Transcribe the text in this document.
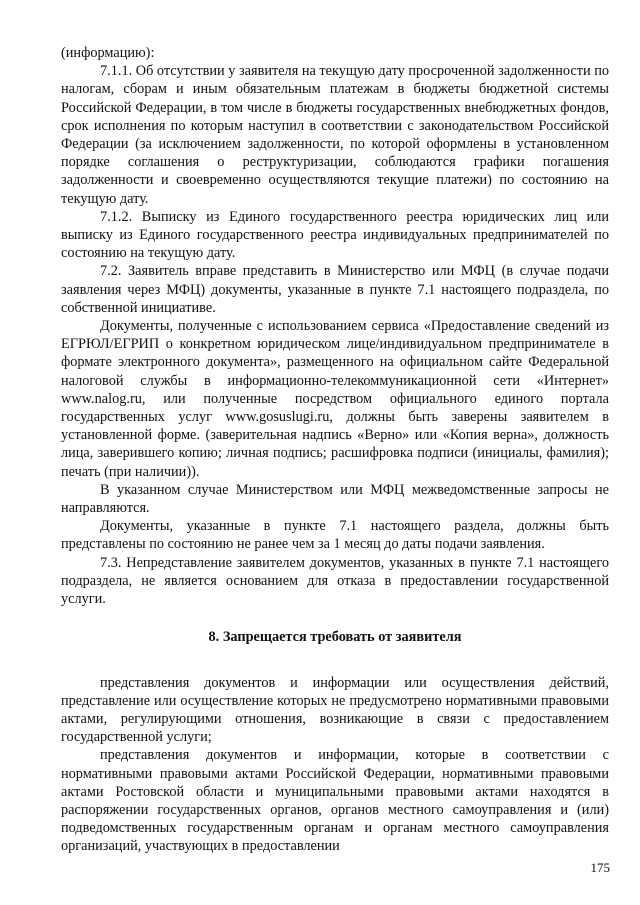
(информацию):

7.1.1. Об отсутствии у заявителя на текущую дату просроченной задолженности по налогам, сборам и иным обязательным платежам в бюджеты бюджетной системы Российской Федерации, в том числе в бюджеты государственных внебюджетных фондов, срок исполнения по которым наступил в соответствии с законодательством Российской Федерации (за исключением задолженности, по которой оформлены в установленном порядке соглашения о реструктуризации, соблюдаются графики погашения задолженности и своевременно осуществляются текущие платежи) по состоянию на текущую дату.

7.1.2. Выписку из Единого государственного реестра юридических лиц или выписку из Единого государственного реестра индивидуальных предпринимателей по состоянию на текущую дату.

7.2. Заявитель вправе представить в Министерство или МФЦ (в случае подачи заявления через МФЦ) документы, указанные в пункте 7.1 настоящего подраздела, по собственной инициативе.

Документы, полученные с использованием сервиса «Предоставление сведений из ЕГРЮЛ/ЕГРИП о конкретном юридическом лице/индивидуальном предпринимателе в формате электронного документа», размещенного на официальном сайте Федеральной налоговой службы в информационно-телекоммуникационной сети «Интернет» www.nalog.ru, или полученные посредством официального единого портала государственных услуг www.gosuslugi.ru, должны быть заверены заявителем в установленной форме. (заверительная надпись «Верно» или «Копия верна», должность лица, заверившего копию; личная подпись; расшифровка подписи (инициалы, фамилия); печать (при наличии)).

В указанном случае Министерством или МФЦ межведомственные запросы не направляются.

Документы, указанные в пункте 7.1 настоящего раздела, должны быть представлены по состоянию не ранее чем за 1 месяц до даты подачи заявления.

7.3. Непредставление заявителем документов, указанных в пункте 7.1 настоящего подраздела, не является основанием для отказа в предоставлении государственной услуги.

8. Запрещается требовать от заявителя

представления документов и информации или осуществления действий, представление или осуществление которых не предусмотрено нормативными правовыми актами, регулирующими отношения, возникающие в связи с предоставлением государственной услуги;

представления документов и информации, которые в соответствии с нормативными правовыми актами Российской Федерации, нормативными правовыми актами Ростовской области и муниципальными правовыми актами находятся в распоряжении государственных органов, органов местного самоуправления и (или) подведомственных государственным органам и органам местного самоуправления организаций, участвующих в предоставлении

175
